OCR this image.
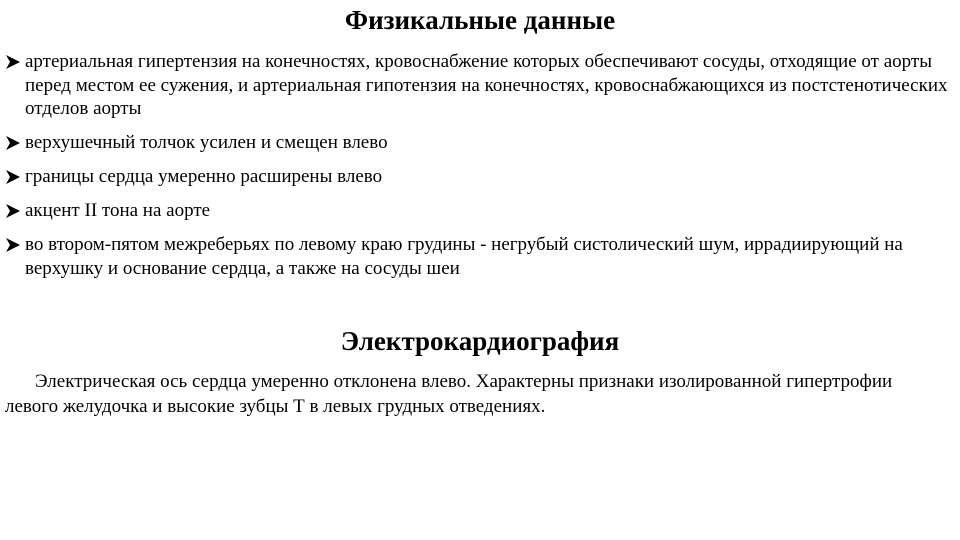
Физикальные данные
артериальная гипертензия на конечностях, кровоснабжение которых обеспечивают сосуды, отходящие от аорты перед местом ее сужения, и артериальная гипотензия на конечностях, кровоснабжающихся из постстенотических отделов аорты
верхушечный толчок усилен и смещен влево
границы сердца умеренно расширены влево
акцент II тона на аорте
во втором-пятом межреберьях по левому краю грудины - негрубый систолический шум, иррадиирующий на верхушку и основание сердца, а также на сосуды шеи
Электрокардиография

Электрическая ось сердца умеренно отклонена влево. Характерны признаки изолированной гипертрофии левого желудочка и высокие зубцы Т в левых грудных отведениях.
